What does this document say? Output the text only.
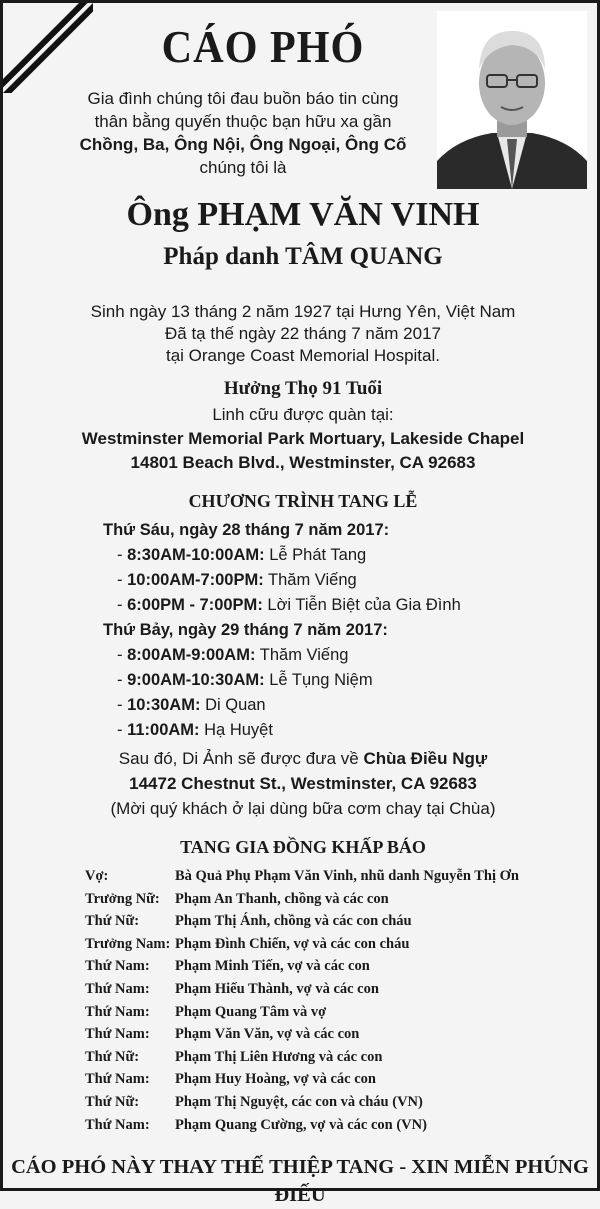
CÁO PHÓ
Gia đình chúng tôi đau buồn báo tin cùng
thân bằng quyến thuộc bạn hữu xa gần
Chồng, Ba, Ông Nội, Ông Ngoại, Ông Cố
chúng tôi là
Ông PHẠM VĂN VINH
Pháp danh TÂM QUANG
Sinh ngày 13 tháng 2 năm 1927 tại Hưng Yên, Việt Nam
Đã tạ thế ngày 22 tháng 7 năm 2017
tại Orange Coast Memorial Hospital.
Hưởng Thọ 91 Tuổi
Linh cữu được quàn tại:
Westminster Memorial Park Mortuary, Lakeside Chapel
14801 Beach Blvd., Westminster, CA 92683
CHƯƠNG TRÌNH TANG LỄ
Thứ Sáu, ngày 28 tháng 7 năm 2017:
- 8:30AM-10:00AM: Lễ Phát Tang
- 10:00AM-7:00PM: Thăm Viếng
- 6:00PM - 7:00PM: Lời Tiễn Biệt của Gia Đình
Thứ Bảy, ngày 29 tháng 7 năm 2017:
- 8:00AM-9:00AM: Thăm Viếng
- 9:00AM-10:30AM: Lễ Tụng Niệm
- 10:30AM: Di Quan
- 11:00AM: Hạ Huyệt
Sau đó, Di Ảnh sẽ được đưa về Chùa Điều Ngự
14472 Chestnut St., Westminster, CA 92683
(Mời quý khách ở lại dùng bữa cơm chay tại Chùa)
TANG GIA ĐỒNG KHẤP BÁO
Vợ:	Bà Quả Phụ Phạm Văn Vinh, nhũ danh Nguyễn Thị Ơn
Trưởng Nữ:	Phạm An Thanh, chồng và các con
Thứ Nữ:	Phạm Thị Ánh, chồng và các con cháu
Trưởng Nam: Phạm Đình Chiến, vợ và các con cháu
Thứ Nam:	Phạm Minh Tiến, vợ và các con
Thứ Nam:	Phạm Hiếu Thành, vợ và các con
Thứ Nam:	Phạm Quang Tâm và vợ
Thứ Nam:	Phạm Văn Văn, vợ và các con
Thứ Nữ:	Phạm Thị Liên Hương và các con
Thứ Nam:	Phạm Huy Hoàng, vợ và các con
Thứ Nữ:	Phạm Thị Nguyệt, các con và cháu (VN)
Thứ Nam:	Phạm Quang Cường, vợ và các con (VN)
CÁO PHÓ NÀY THAY THẾ THIỆP TANG - XIN MIỄN PHÚNG ĐIẾU
